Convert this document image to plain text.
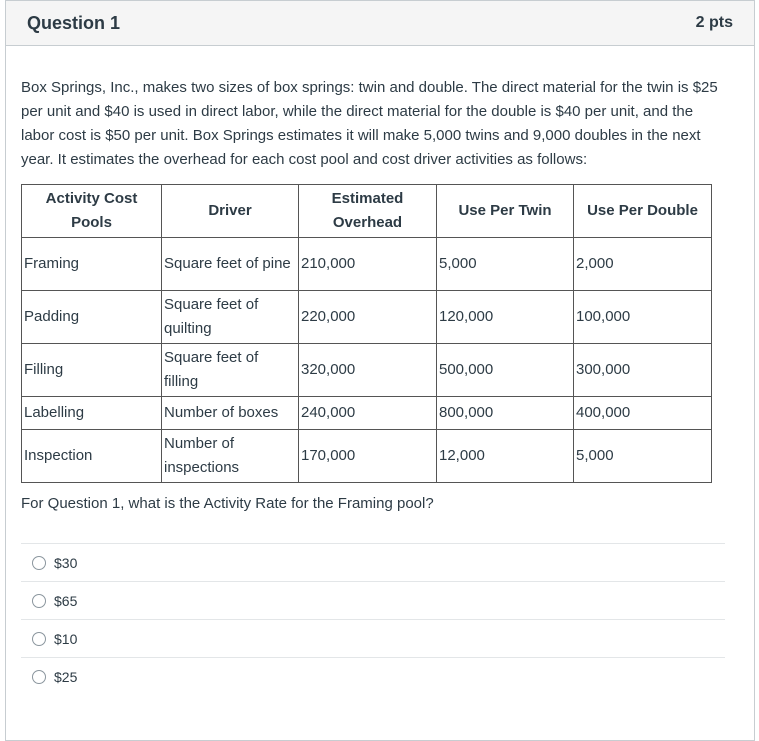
Question 1	2 pts
Box Springs, Inc., makes two sizes of box springs: twin and double. The direct material for the twin is $25 per unit and $40 is used in direct labor, while the direct material for the double is $40 per unit, and the labor cost is $50 per unit. Box Springs estimates it will make 5,000 twins and 9,000 doubles in the next year. It estimates the overhead for each cost pool and cost driver activities as follows:
Activity Cost Pools	Driver	Estimated Overhead	Use Per Twin	Use Per Double
Framing	Square feet of pine	210,000	5,000	2,000
Padding	Square feet of quilting	220,000	120,000	100,000
Filling	Square feet of filling	320,000	500,000	300,000
Labelling	Number of boxes	240,000	800,000	400,000
Inspection	Number of inspections	170,000	12,000	5,000
For Question 1, what is the Activity Rate for the Framing pool?
$30
$65
$10
$25
